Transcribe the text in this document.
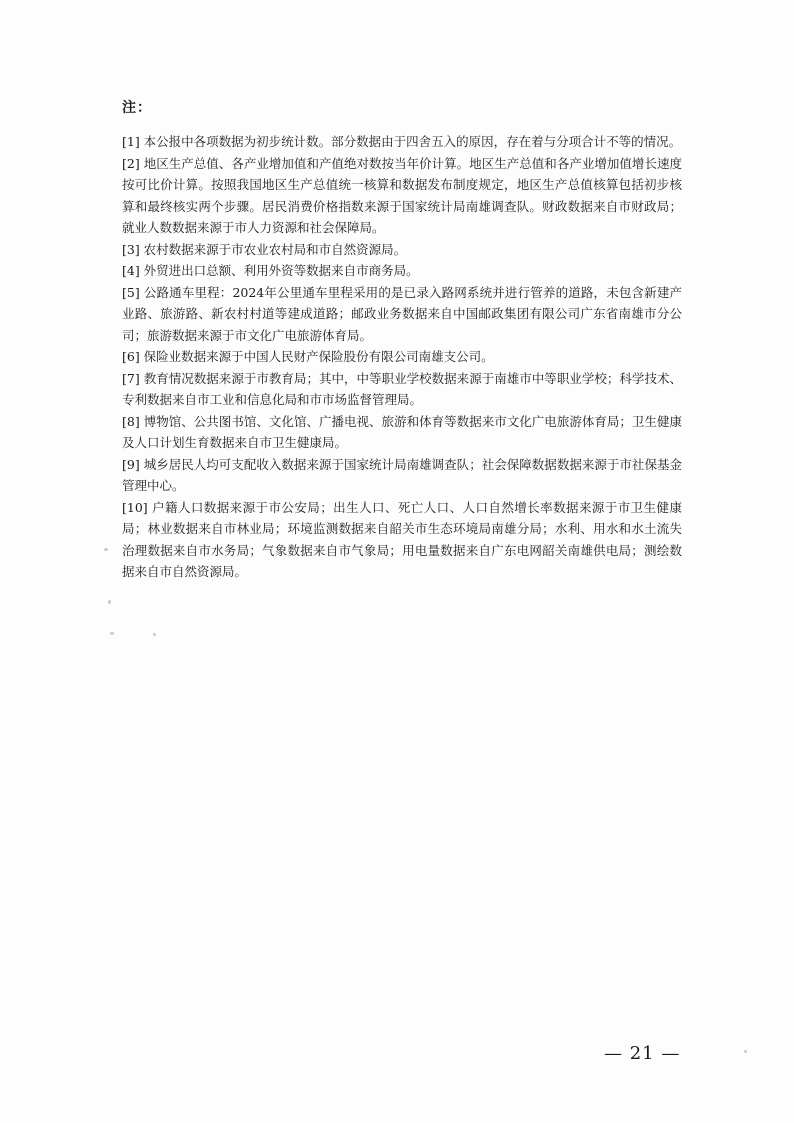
注：

[1] 本公报中各项数据为初步统计数。部分数据由于四舍五入的原因，存在着与分项合计不等的情况。

[2] 地区生产总值、各产业增加值和产值绝对数按当年价计算。地区生产总值和各产业增加值增长速度按可比价计算。按照我国地区生产总值统一核算和数据发布制度规定，地区生产总值核算包括初步核算和最终核实两个步骤。居民消费价格指数来源于国家统计局南雄调查队。财政数据来自市财政局；就业人数数据来源于市人力资源和社会保障局。

[3] 农村数据来源于市农业农村局和市自然资源局。

[4] 外贸进出口总额、利用外资等数据来自市商务局。

[5] 公路通车里程：2024年公里通车里程采用的是已录入路网系统并进行管养的道路，未包含新建产业路、旅游路、新农村村道等建成道路；邮政业务数据来自中国邮政集团有限公司广东省南雄市分公司；旅游数据来源于市文化广电旅游体育局。

[6] 保险业数据来源于中国人民财产保险股份有限公司南雄支公司。

[7] 教育情况数据来源于市教育局；其中，中等职业学校数据来源于南雄市中等职业学校；科学技术、专利数据来自市工业和信息化局和市市场监督管理局。

[8] 博物馆、公共图书馆、文化馆、广播电视、旅游和体育等数据来市文化广电旅游体育局；卫生健康及人口计划生育数据来自市卫生健康局。

[9] 城乡居民人均可支配收入数据来源于国家统计局南雄调查队；社会保障数据数据来源于市社保基金管理中心。

[10] 户籍人口数据来源于市公安局；出生人口、死亡人口、人口自然增长率数据来源于市卫生健康局；林业数据来自市林业局；环境监测数据来自韶关市生态环境局南雄分局；水利、用水和水土流失治理数据来自市水务局；气象数据来自市气象局；用电量数据来自广东电网韶关南雄供电局；测绘数据来自市自然资源局。

— 21 —
